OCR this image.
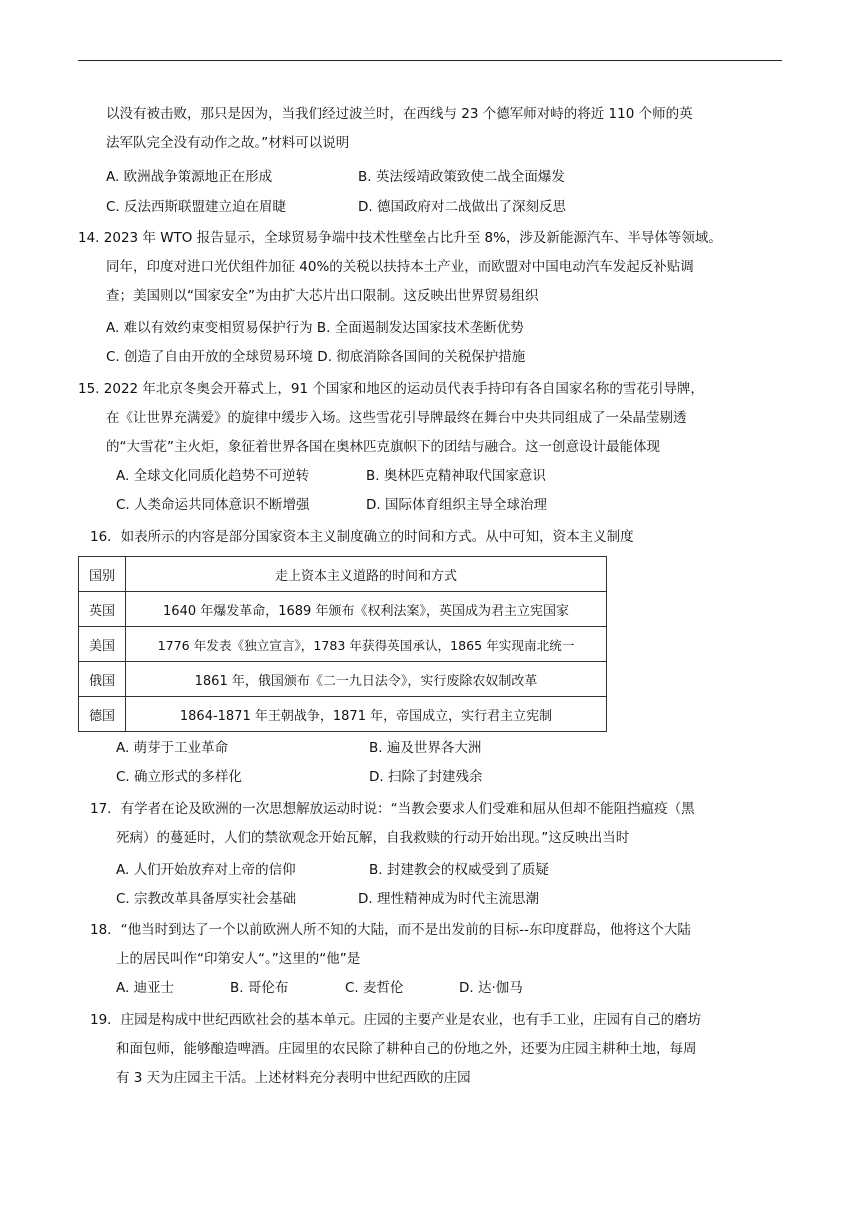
以没有被击败，那只是因为，当我们经过波兰时，在西线与 23 个德军师对峙的将近 110 个师的英
法军队完全没有动作之故。”材料可以说明
A. 欧洲战争策源地正在形成	B. 英法绥靖政策致使二战全面爆发
C. 反法西斯联盟建立迫在眉睫	D. 德国政府对二战做出了深刻反思
14. 2023 年 WTO 报告显示，全球贸易争端中技术性壁垒占比升至 8%，涉及新能源汽车、半导体等领域。
同年，印度对进口光伏组件加征 40%的关税以扶持本土产业，而欧盟对中国电动汽车发起反补贴调
查；美国则以“国家安全”为由扩大芯片出口限制。这反映出世界贸易组织
A. 难以有效约束变相贸易保护行为 B. 全面遏制发达国家技术垄断优势
C. 创造了自由开放的全球贸易环境 D. 彻底消除各国间的关税保护措施
15. 2022 年北京冬奥会开幕式上，91 个国家和地区的运动员代表手持印有各自国家名称的雪花引导牌，
在《让世界充满爱》的旋律中缓步入场。这些雪花引导牌最终在舞台中央共同组成了一朵晶莹剔透
的“大雪花”主火炬，象征着世界各国在奥林匹克旗帜下的团结与融合。这一创意设计最能体现
A. 全球文化同质化趋势不可逆转	B. 奥林匹克精神取代国家意识
C. 人类命运共同体意识不断增强	D. 国际体育组织主导全球治理
16．如表所示的内容是部分国家资本主义制度确立的时间和方式。从中可知，资本主义制度
国别	走上资本主义道路的时间和方式
英国	1640 年爆发革命，1689 年颁布《权利法案》，英国成为君主立宪国家
美国	1776 年发表《独立宣言》，1783 年获得英国承认，1865 年实现南北统一
俄国	1861 年，俄国颁布《二一九日法令》，实行废除农奴制改革
德国	1864-1871 年王朝战争，1871 年，帝国成立，实行君主立宪制
A. 萌芽于工业革命	B. 遍及世界各大洲
C. 确立形式的多样化	D. 扫除了封建残余
17．有学者在论及欧洲的一次思想解放运动时说：“当教会要求人们受难和屈从但却不能阻挡瘟疫（黑
死病）的蔓延时，人们的禁欲观念开始瓦解，自我救赎的行动开始出现。”这反映出当时
A. 人们开始放弃对上帝的信仰	B. 封建教会的权威受到了质疑
C. 宗教改革具备厚实社会基础	D. 理性精神成为时代主流思潮
18．“他当时到达了一个以前欧洲人所不知的大陆，而不是出发前的目标--东印度群岛，他将这个大陆
上的居民叫作“印第安人“。”这里的“他”是
A. 迪亚士	B. 哥伦布	C. 麦哲伦	D. 达·伽马
19．庄园是构成中世纪西欧社会的基本单元。庄园的主要产业是农业，也有手工业，庄园有自己的磨坊
和面包师，能够酿造啤酒。庄园里的农民除了耕种自己的份地之外，还要为庄园主耕种土地，每周
有 3 天为庄园主干活。上述材料充分表明中世纪西欧的庄园
